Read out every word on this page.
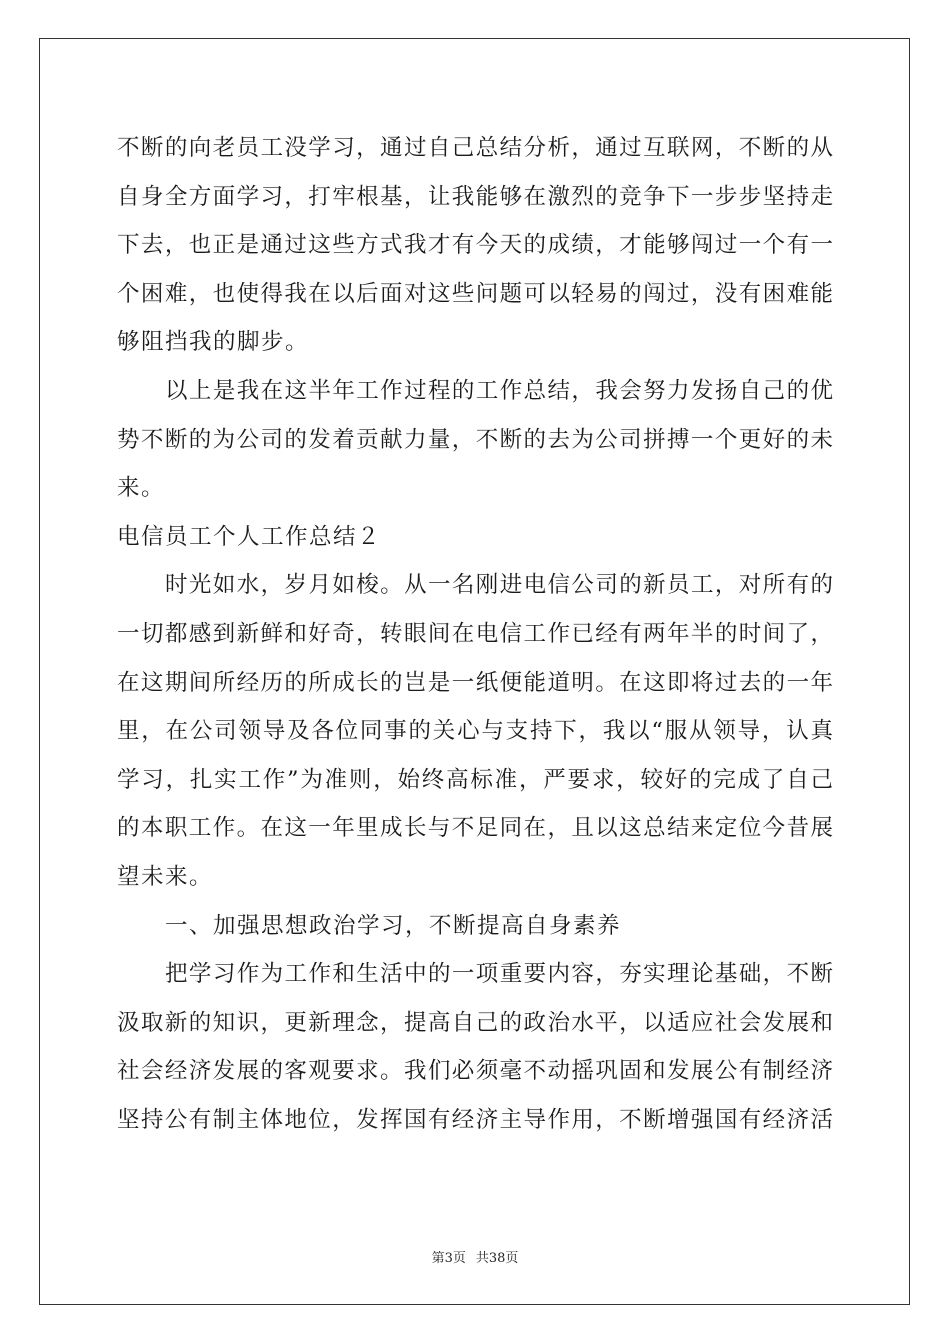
不断的向老员工没学习，通过自己总结分析，通过互联网，不断的从
自身全方面学习，打牢根基，让我能够在激烈的竞争下一步步坚持走
下去，也正是通过这些方式我才有今天的成绩，才能够闯过一个有一
个困难，也使得我在以后面对这些问题可以轻易的闯过，没有困难能
够阻挡我的脚步。
以上是我在这半年工作过程的工作总结，我会努力发扬自己的优
势不断的为公司的发着贡献力量，不断的去为公司拼搏一个更好的未
来。
电信员工个人工作总结２
时光如水，岁月如梭。从一名刚进电信公司的新员工，对所有的
一切都感到新鲜和好奇，转眼间在电信工作已经有两年半的时间了，
在这期间所经历的所成长的岂是一纸便能道明。在这即将过去的一年
里，在公司领导及各位同事的关心与支持下，我以“服从领导，认真
学习，扎实工作”为准则，始终高标准，严要求，较好的完成了自己
的本职工作。在这一年里成长与不足同在，且以这总结来定位今昔展
望未来。
一、加强思想政治学习，不断提高自身素养
把学习作为工作和生活中的一项重要内容，夯实理论基础，不断
汲取新的知识，更新理念，提高自己的政治水平，以适应社会发展和
社会经济发展的客观要求。我们必须毫不动摇巩固和发展公有制经济
坚持公有制主体地位，发挥国有经济主导作用，不断增强国有经济活
第3页 共38页
